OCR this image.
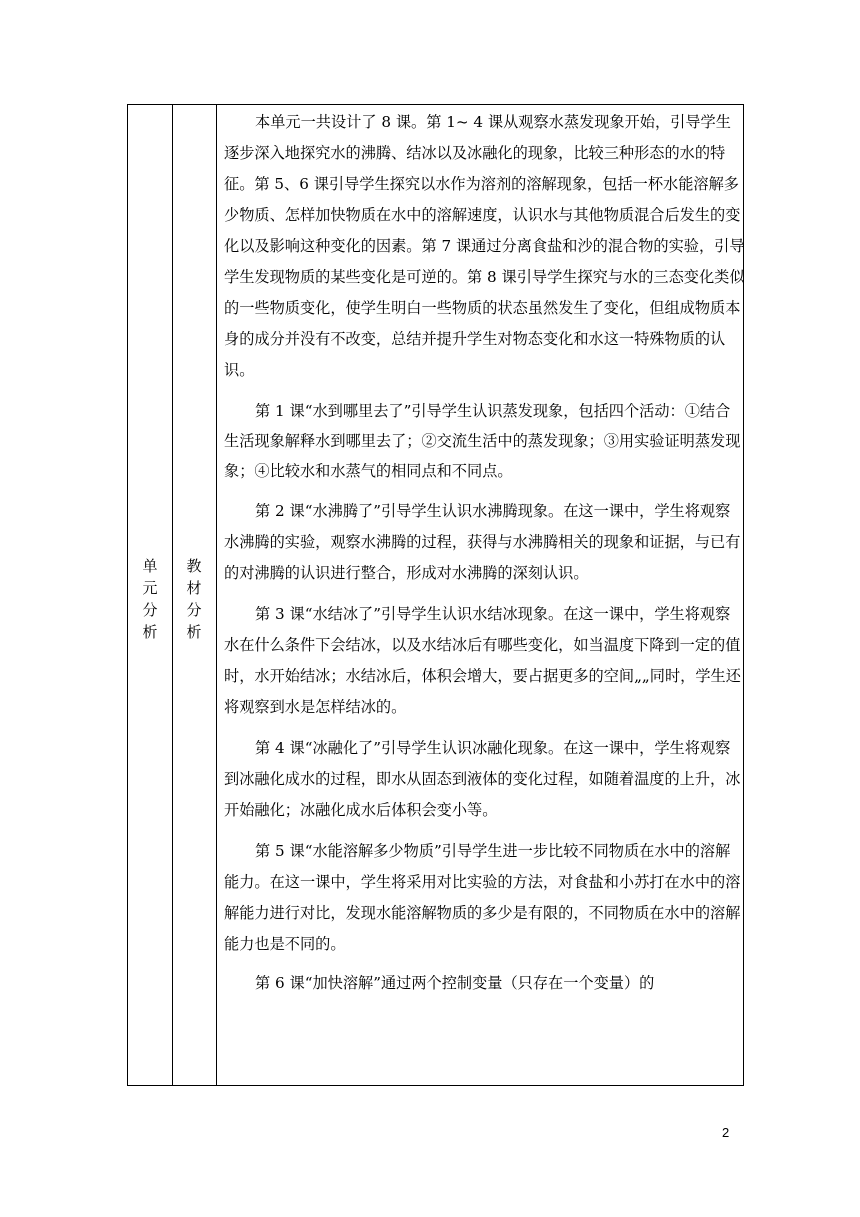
单
元
分
析
教
材
分
析

本单元一共设计了 8 课。第 1~ 4 课从观察水蒸发现象开始，引导学生逐步深入地探究水的沸腾、结冰以及冰融化的现象，比较三种形态的水的特征。第 5、6 课引导学生探究以水作为溶剂的溶解现象，包括一杯水能溶解多少物质、怎样加快物质在水中的溶解速度，认识水与其他物质混合后发生的变化以及影响这种变化的因素。第 7 课通过分离食盐和沙的混合物的实验，引导学生发现物质的某些变化是可逆的。第 8 课引导学生探究与水的三态变化类似的一些物质变化，使学生明白一些物质的状态虽然发生了变化，但组成物质本身的成分并没有不改变，总结并提升学生对物态变化和水这一特殊物质的认识。

第 1 课“水到哪里去了”引导学生认识蒸发现象，包括四个活动：①结合生活现象解释水到哪里去了；②交流生活中的蒸发现象；③用实验证明蒸发现象；④比较水和水蒸气的相同点和不同点。

第 2 课“水沸腾了”引导学生认识水沸腾现象。在这一课中，学生将观察水沸腾的实验，观察水沸腾的过程，获得与水沸腾相关的现象和证据，与已有的对沸腾的认识进行整合，形成对水沸腾的深刻认识。

第 3 课“水结冰了”引导学生认识水结冰现象。在这一课中，学生将观察水在什么条件下会结冰，以及水结冰后有哪些变化，如当温度下降到一定的值时，水开始结冰；水结冰后，体积会增大，要占据更多的空间„„同时，学生还将观察到水是怎样结冰的。

第 4 课“冰融化了”引导学生认识冰融化现象。在这一课中，学生将观察到冰融化成水的过程，即水从固态到液体的变化过程，如随着温度的上升，冰开始融化；冰融化成水后体积会变小等。

第 5 课“水能溶解多少物质”引导学生进一步比较不同物质在水中的溶解能力。在这一课中，学生将采用对比实验的方法，对食盐和小苏打在水中的溶解能力进行对比，发现水能溶解物质的多少是有限的，不同物质在水中的溶解能力也是不同的。

第 6 课“加快溶解”通过两个控制变量（只存在一个变量）的

2
